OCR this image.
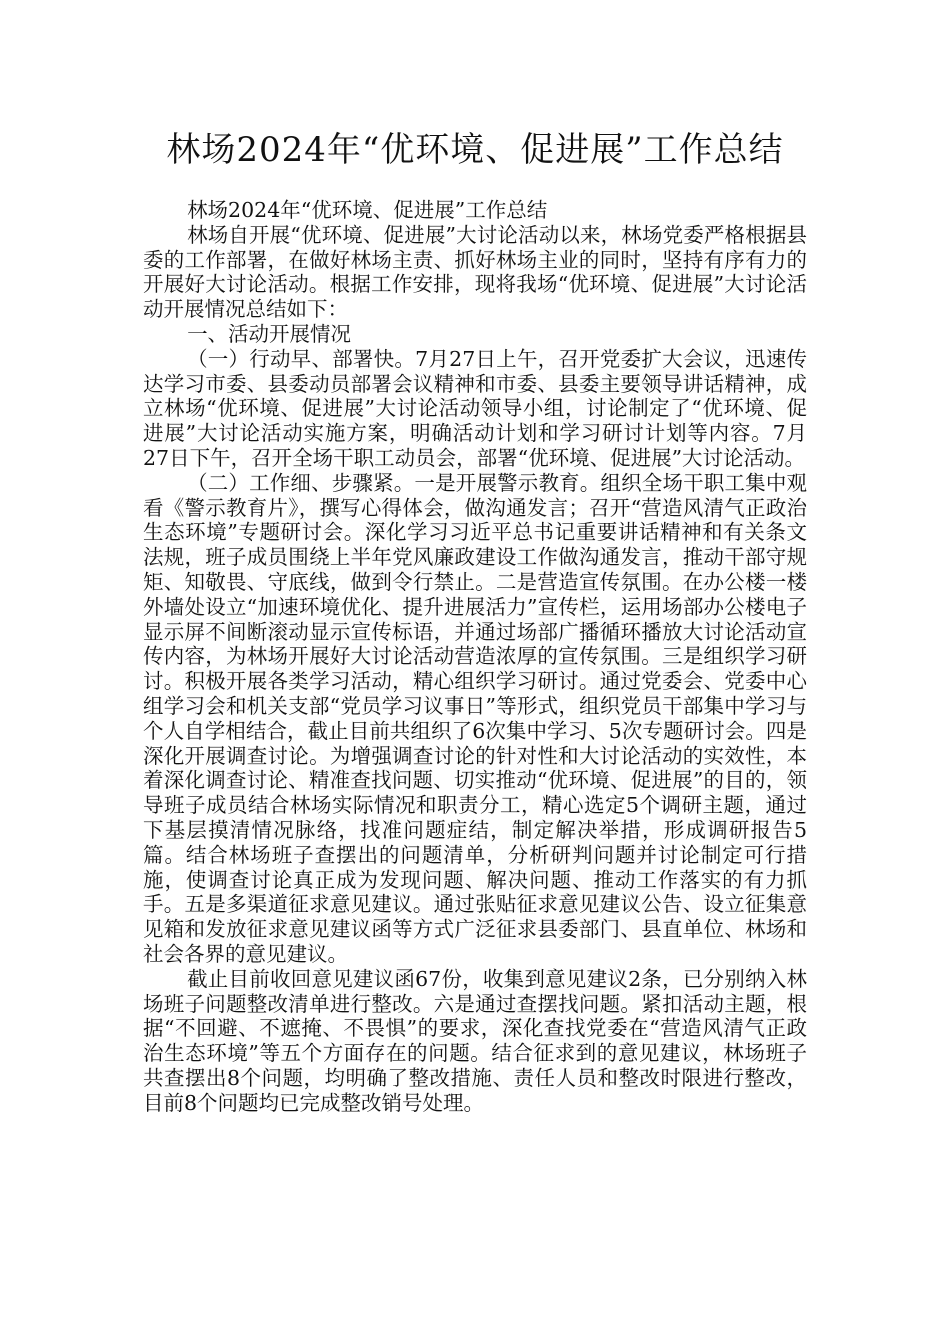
林场2024年“优环境、促进展”工作总结

林场2024年“优环境、促进展”工作总结

林场自开展“优环境、促进展”大讨论活动以来，林场党委严格根据县委的工作部署，在做好林场主责、抓好林场主业的同时，坚持有序有力的开展好大讨论活动。根据工作安排，现将我场“优环境、促进展”大讨论活动开展情况总结如下：

一、活动开展情况

（一）行动早、部署快。7月27日上午，召开党委扩大会议，迅速传达学习市委、县委动员部署会议精神和市委、县委主要领导讲话精神，成立林场“优环境、促进展”大讨论活动领导小组，讨论制定了“优环境、促进展”大讨论活动实施方案，明确活动计划和学习研讨计划等内容。7月27日下午，召开全场干职工动员会，部署“优环境、促进展”大讨论活动。

（二）工作细、步骤紧。一是开展警示教育。组织全场干职工集中观看《警示教育片》，撰写心得体会，做沟通发言；召开“营造风清气正政治生态环境”专题研讨会。深化学习习近平总书记重要讲话精神和有关条文法规，班子成员围绕上半年党风廉政建设工作做沟通发言，推动干部守规矩、知敬畏、守底线，做到令行禁止。二是营造宣传氛围。在办公楼一楼外墙处设立“加速环境优化、提升进展活力”宣传栏，运用场部办公楼电子显示屏不间断滚动显示宣传标语，并通过场部广播循环播放大讨论活动宣传内容，为林场开展好大讨论活动营造浓厚的宣传氛围。三是组织学习研讨。积极开展各类学习活动，精心组织学习研讨。通过党委会、党委中心组学习会和机关支部“党员学习议事日”等形式，组织党员干部集中学习与个人自学相结合，截止目前共组织了6次集中学习、5次专题研讨会。四是深化开展调查讨论。为增强调查讨论的针对性和大讨论活动的实效性，本着深化调查讨论、精准查找问题、切实推动“优环境、促进展”的目的，领导班子成员结合林场实际情况和职责分工，精心选定5个调研主题，通过下基层摸清情况脉络，找准问题症结，制定解决举措，形成调研报告5篇。结合林场班子查摆出的问题清单，分析研判问题并讨论制定可行措施，使调查讨论真正成为发现问题、解决问题、推动工作落实的有力抓手。五是多渠道征求意见建议。通过张贴征求意见建议公告、设立征集意见箱和发放征求意见建议函等方式广泛征求县委部门、县直单位、林场和社会各界的意见建议。

截止目前收回意见建议函67份，收集到意见建议2条，已分别纳入林场班子问题整改清单进行整改。六是通过查摆找问题。紧扣活动主题，根据“不回避、不遮掩、不畏惧”的要求，深化查找党委在“营造风清气正政治生态环境”等五个方面存在的问题。结合征求到的意见建议，林场班子共查摆出8个问题，均明确了整改措施、责任人员和整改时限进行整改，目前8个问题均已完成整改销号处理。
